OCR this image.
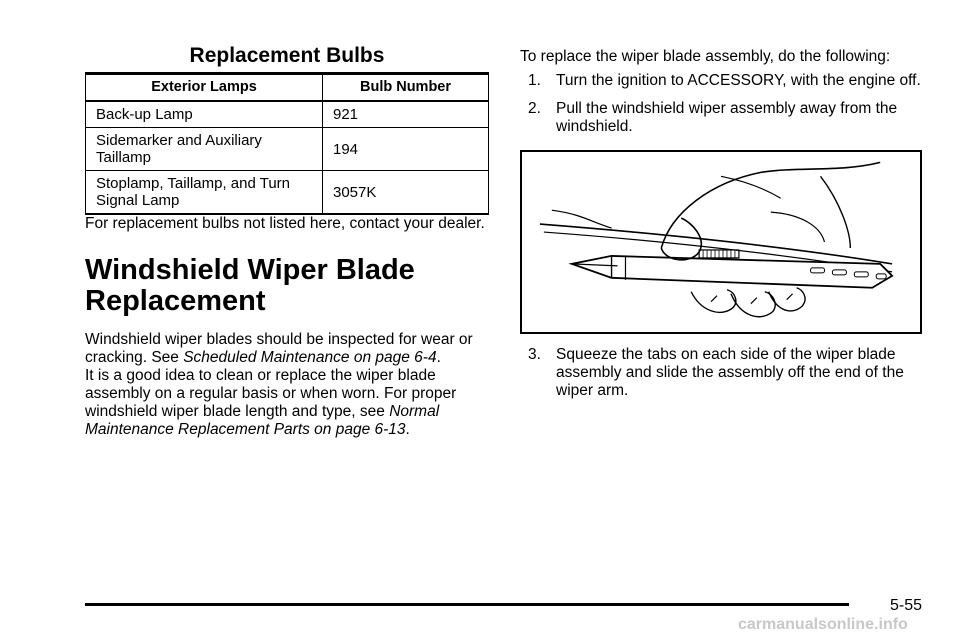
Replacement Bulbs
Exterior Lamps	Bulb Number
Back-up Lamp	921
Sidemarker and Auxiliary Taillamp	194
Stoplamp, Taillamp, and Turn Signal Lamp	3057K

For replacement bulbs not listed here, contact your dealer.

Windshield Wiper Blade
Replacement

Windshield wiper blades should be inspected for wear or cracking. See Scheduled Maintenance on page 6-4.

It is a good idea to clean or replace the wiper blade assembly on a regular basis or when worn. For proper windshield wiper blade length and type, see Normal Maintenance Replacement Parts on page 6-13.

To replace the wiper blade assembly, do the following:

1. Turn the ignition to ACCESSORY, with the engine off.
2. Pull the windshield wiper assembly away from the windshield.
3. Squeeze the tabs on each side of the wiper blade assembly and slide the assembly off the end of the wiper arm.
5-55
carmanualsonline.info
